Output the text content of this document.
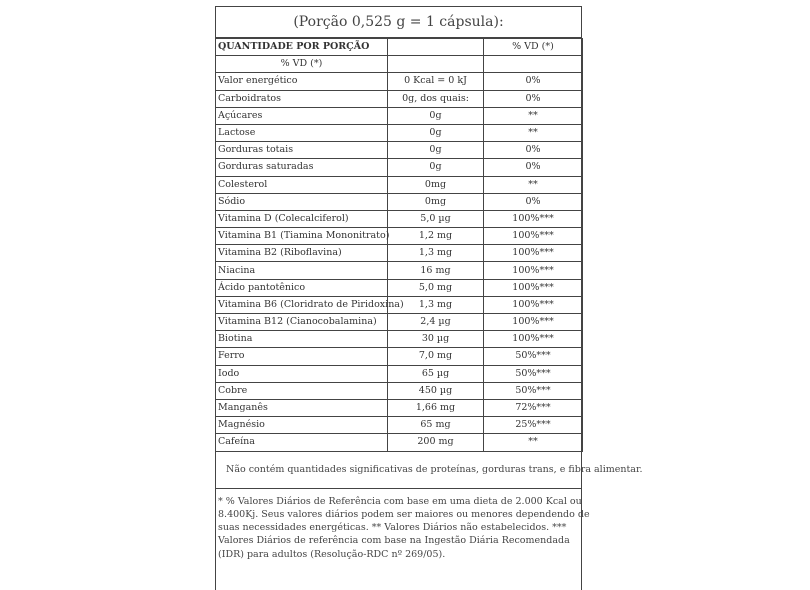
(Porção 0,525 g = 1 cápsula):
QUANTIDADE POR PORÇÃO		% VD (*)
% VD (*)		
Valor energético	0 Kcal = 0 kJ	0%
Carboidratos	0g, dos quais:	0%
Açúcares	0g	**
Lactose	0g	**
Gorduras totais	0g	0%
Gorduras saturadas	0g	0%
Colesterol	0mg	**
Sódio	0mg	0%
Vitamina D (Colecalciferol)	5,0 µg	100%***
Vitamina B1 (Tiamina Mononitrato)	1,2 mg	100%***
Vitamina B2 (Riboflavina)	1,3 mg	100%***
Niacina	16 mg	100%***
Ácido pantotênico	5,0 mg	100%***
Vitamina B6 (Cloridrato de Piridoxina)	1,3 mg	100%***
Vitamina B12 (Cianocobalamina)	2,4 µg	100%***
Biotina	30 µg	100%***
Ferro	7,0 mg	50%***
Iodo	65 µg	50%***
Cobre	450 µg	50%***
Manganês	1,66 mg	72%***
Magnésio	65 mg	25%***
Cafeína	200 mg	**
Não contém quantidades significativas de proteínas, gorduras trans, e fibra alimentar.
* % Valores Diários de Referência com base em uma dieta de 2.000 Kcal ou 8.400Kj. Seus valores diários podem ser maiores ou menores dependendo de suas necessidades energéticas. ** Valores Diários não estabelecidos. *** Valores Diários de referência com base na Ingestão Diária Recomendada (IDR) para adultos (Resolução-RDC nº 269/05).
